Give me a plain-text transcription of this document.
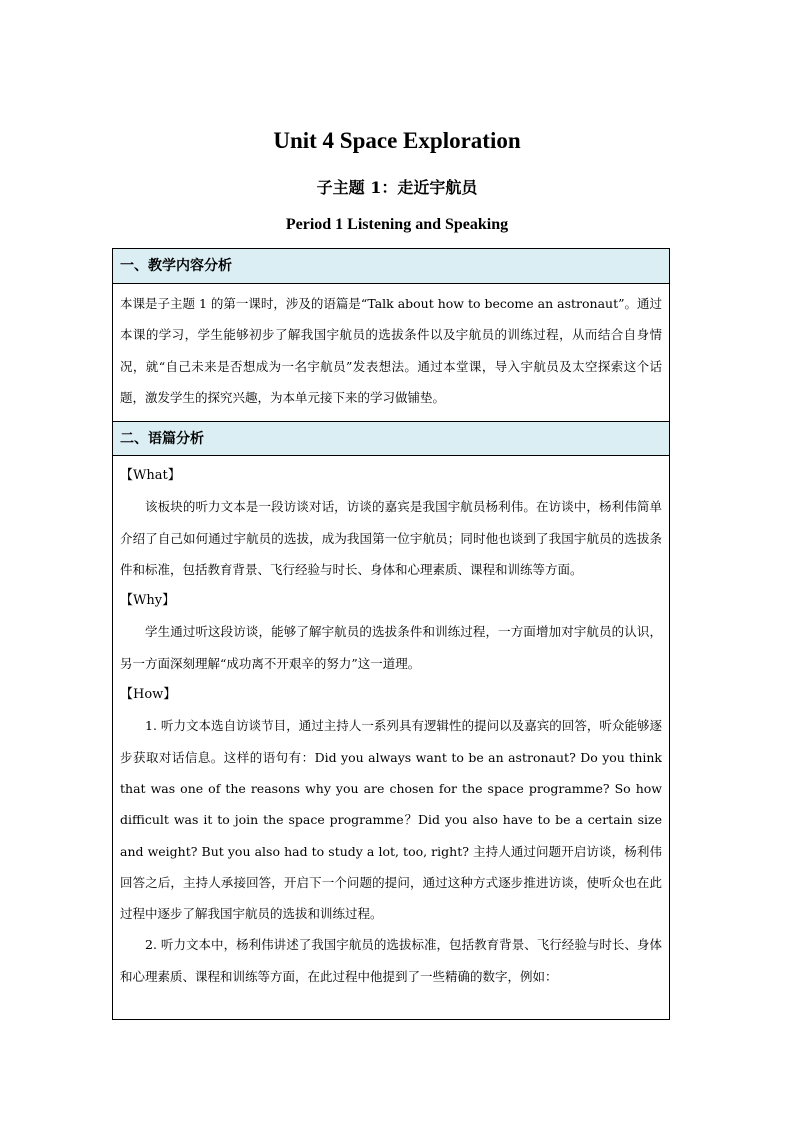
Unit 4 Space Exploration
子主题 1：走近宇航员
Period 1 Listening and Speaking
一、教学内容分析

本课是子主题 1 的第一课时，涉及的语篇是“Talk about how to become an astronaut”。通过本课的学习，学生能够初步了解我国宇航员的选拔条件以及宇航员的训练过程，从而结合自身情况，就“自己未来是否想成为一名宇航员”发表想法。通过本堂课，导入宇航员及太空探索这个话题，激发学生的探究兴趣，为本单元接下来的学习做铺垫。

二、语篇分析
【What】

该板块的听力文本是一段访谈对话，访谈的嘉宾是我国宇航员杨利伟。在访谈中，杨利伟简单介绍了自己如何通过宇航员的选拔，成为我国第一位宇航员；同时他也谈到了我国宇航员的选拔条件和标准，包括教育背景、飞行经验与时长、身体和心理素质、课程和训练等方面。

【Why】

学生通过听这段访谈，能够了解宇航员的选拔条件和训练过程，一方面增加对宇航员的认识，另一方面深刻理解“成功离不开艰辛的努力”这一道理。

【How】

1. 听力文本选自访谈节目，通过主持人一系列具有逻辑性的提问以及嘉宾的回答，听众能够逐步获取对话信息。这样的语句有：Did you always want to be an astronaut? Do you think that was one of the reasons why you are chosen for the space programme? So how difficult was it to join the space programme？Did you also have to be a certain size and weight? But you also had to study a lot, too, right? 主持人通过问题开启访谈，杨利伟回答之后，主持人承接回答，开启下一个问题的提问，通过这种方式逐步推进访谈，使听众也在此过程中逐步了解我国宇航员的选拔和训练过程。

2. 听力文本中，杨利伟讲述了我国宇航员的选拔标准，包括教育背景、飞行经验与时长、身体和心理素质、课程和训练等方面，在此过程中他提到了一些精确的数字，例如：
